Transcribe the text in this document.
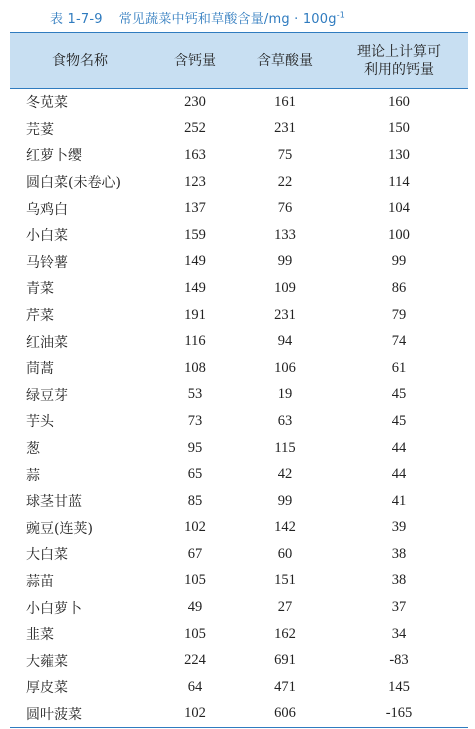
表 1-7-9 常见蔬菜中钙和草酸含量$/mg \cdot 100g^{-1}$
食物名称	含钙量	含草酸量	理论上计算可
利用的钙量

冬苋菜	230	161	160
芫荽	252	231	150
红萝卜缨	163	75	130
圆白菜(未卷心)	123	22	114
乌鸡白	137	76	104
小白菜	159	133	100
马铃薯	149	99	99
青菜	149	109	86
芹菜	191	231	79
红油菜	116	94	74
茼蒿	108	106	61
绿豆芽	53	19	45
芋头	73	63	45
葱	95	115	44
蒜	65	42	44
球茎甘蓝	85	99	41
豌豆(连荚)	102	142	39
大白菜	67	60	38
蒜苗	105	151	38
小白萝卜	49	27	37
韭菜	105	162	34
大蕹菜	224	691	-83
厚皮菜	64	471	145
圆叶菠菜	102	606	-165
